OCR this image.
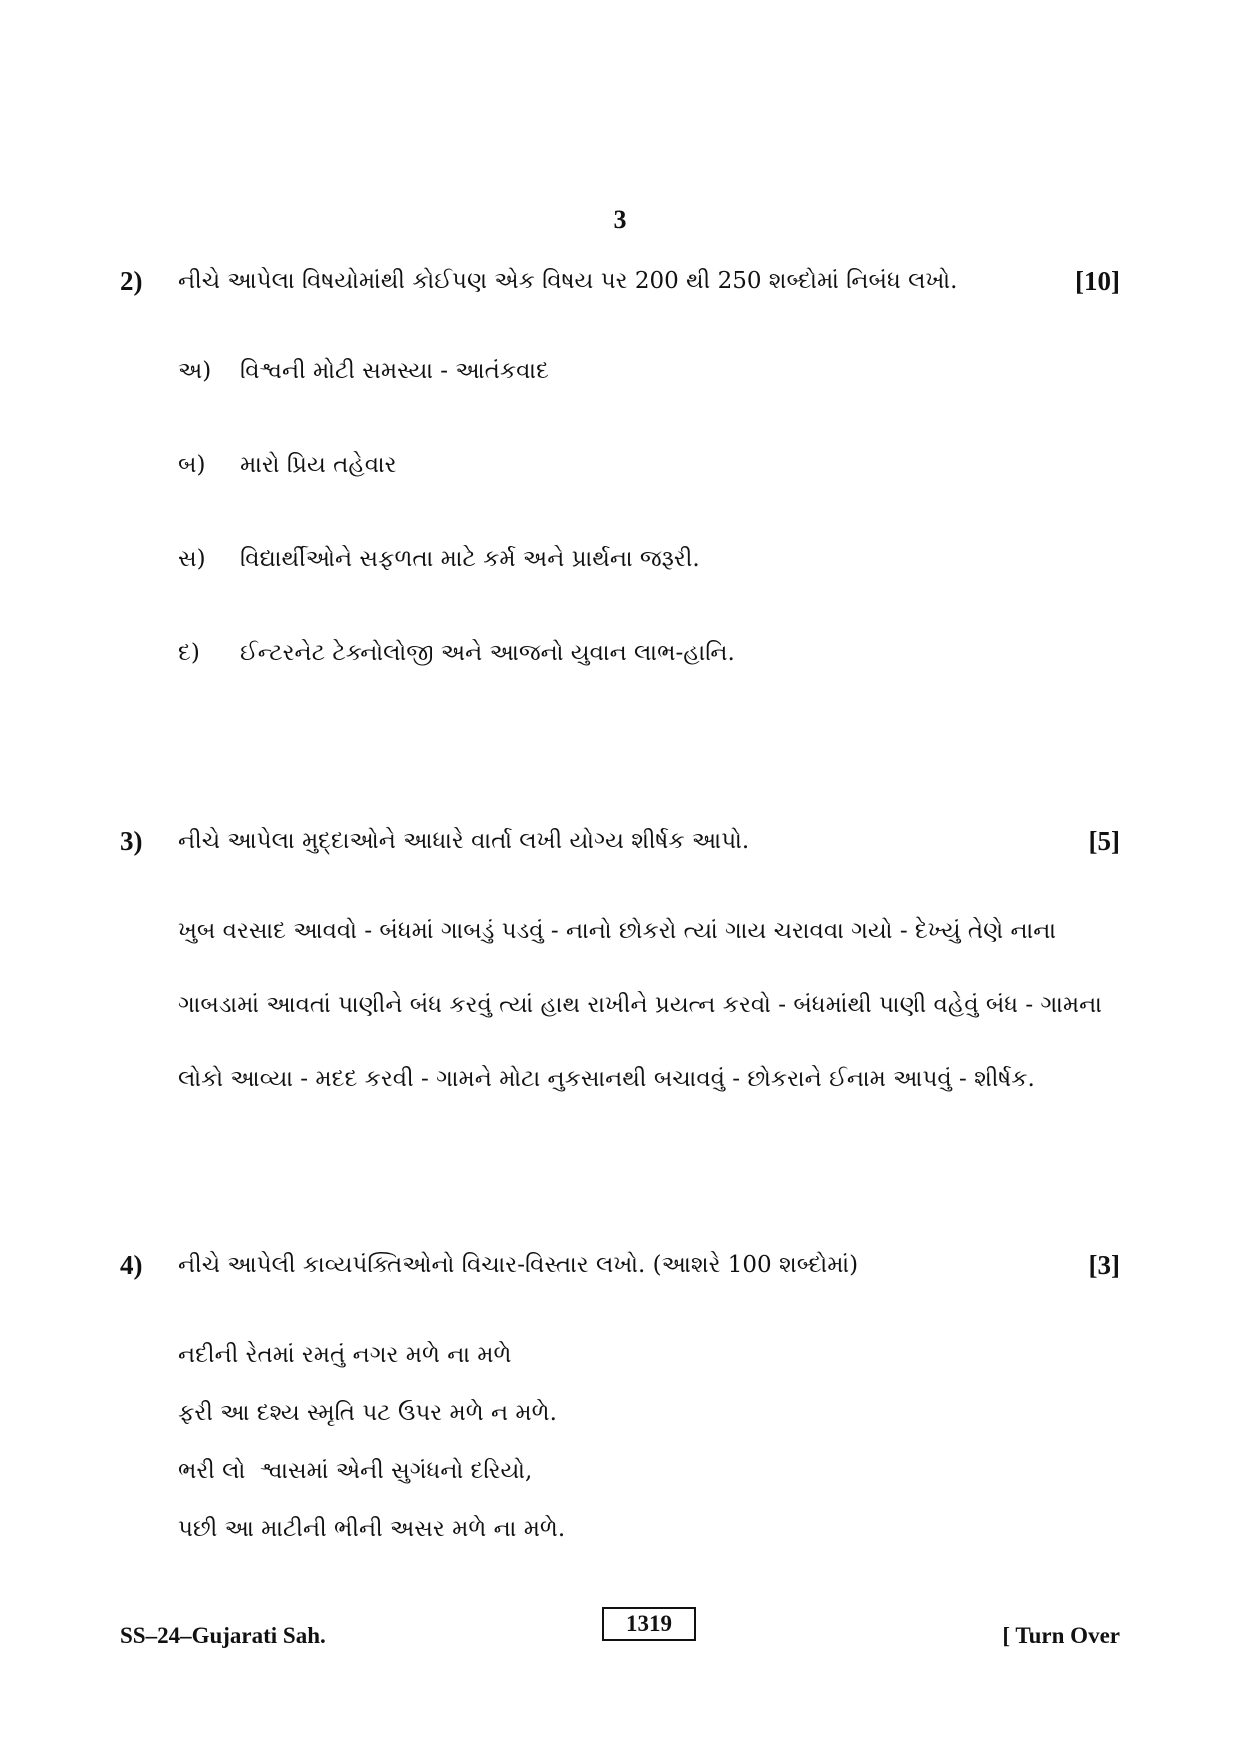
3
2) નીચે આપેલા વિષયોમાંથી કોઈપણ એક વિષય પર 200 થી 250 શબ્દોમાં નિબંધ લખો.	[10]
અ) વિશ્વની મોટી સમસ્યા - આતંકવાદ
બ) મારો પ્રિય તહેવાર
સ) વિદ્યાર્થીઓને સફળતા માટે કર્મ અને પ્રાર્થના જરૂરી.
દ) ઈન્ટરનેટ ટેક્નોલોજી અને આજનો યુવાન લાભ-હાનિ.
3) નીચે આપેલા મુદ્દાઓને આધારે વાર્તા લખી યોગ્ય શીર્ષક આપો.	[5]
ખુબ વરસાદ આવવો - બંધમાં ગાબડું પડવું - નાનો છોકરો ત્યાં ગાય ચરાવવા ગયો - દેખ્યું તેણે નાના
ગાબડામાં આવતાં પાણીને બંધ કરવું ત્યાં હાથ રાખીને પ્રયત્ન કરવો - બંધમાંથી પાણી વહેવું બંધ - ગામના
લોકો આવ્યા - મદદ કરવી - ગામને મોટા નુકસાનથી બચાવવું - છોકરાને ઈનામ આપવું - શીર્ષક.
4) નીચે આપેલી કાવ્યપંક્તિઓનો વિચાર-વિસ્તાર લખો. (આશરે 100 શબ્દોમાં)	[3]
નદીની રેતમાં રમતું નગર મળે ના મળે
ફરી આ દશ્ય સ્મૃતિ પટ ઉપર મળે ન મળે.
ભરી લો  શ્વાસમાં એની સુગંધનો દરિયો,
પછી આ માટીની ભીની અસર મળે ના મળે.
SS–24–Gujarati Sah.	1319	[ Turn Over
